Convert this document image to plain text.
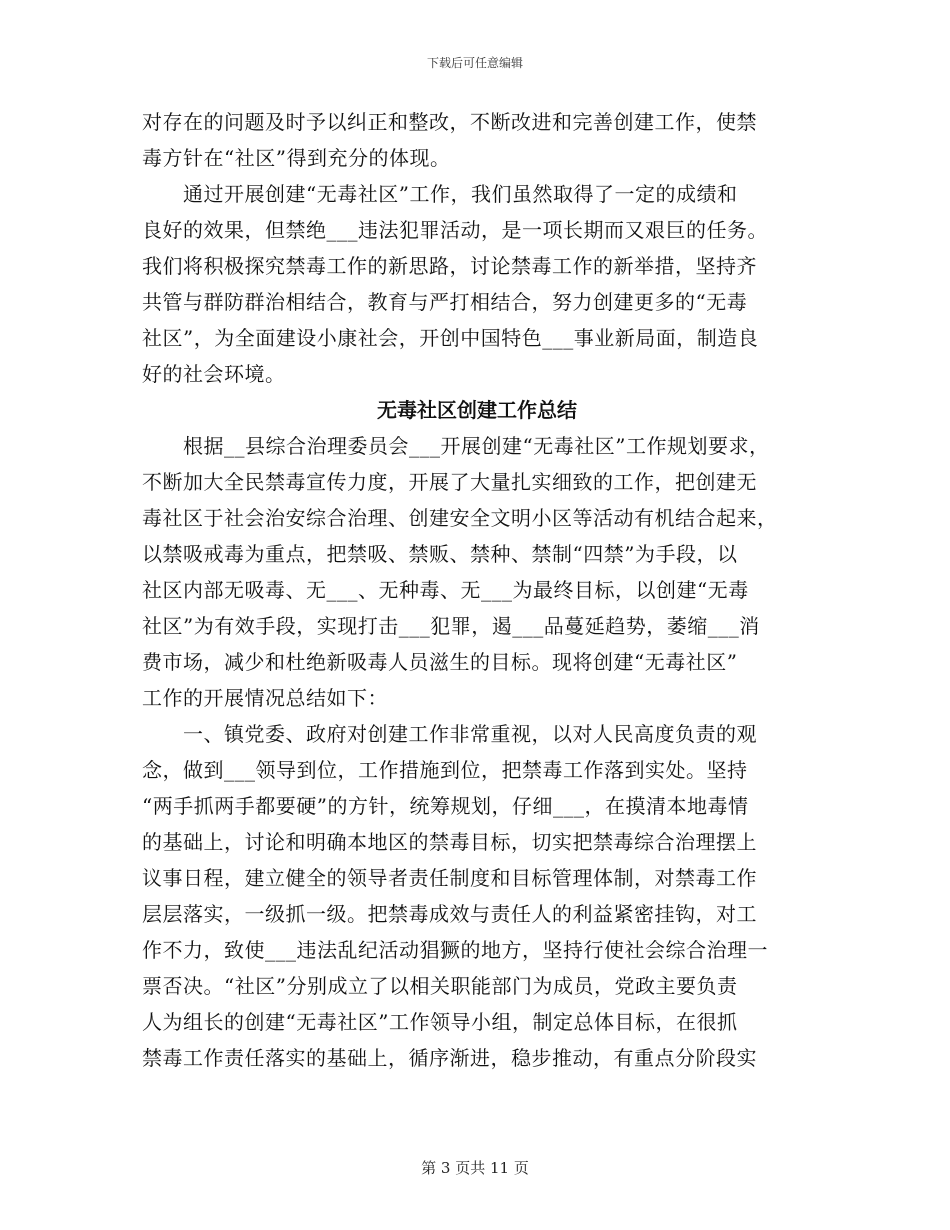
下载后可任意编辑
对存在的问题及时予以纠正和整改，不断改进和完善创建工作，使禁
毒方针在“社区”得到充分的体现。
　　通过开展创建“无毒社区”工作，我们虽然取得了一定的成绩和
良好的效果，但禁绝___违法犯罪活动，是一项长期而又艰巨的任务。
我们将积极探究禁毒工作的新思路，讨论禁毒工作的新举措，坚持齐
共管与群防群治相结合，教育与严打相结合，努力创建更多的“无毒
社区”，为全面建设小康社会，开创中国特色___事业新局面，制造良
好的社会环境。
无毒社区创建工作总结
　　根据__县综合治理委员会___开展创建“无毒社区”工作规划要求，
不断加大全民禁毒宣传力度，开展了大量扎实细致的工作，把创建无
毒社区于社会治安综合治理、创建安全文明小区等活动有机结合起来，
以禁吸戒毒为重点，把禁吸、禁贩、禁种、禁制“四禁”为手段，以
社区内部无吸毒、无___、无种毒、无___为最终目标，以创建“无毒
社区”为有效手段，实现打击___犯罪，遏___品蔓延趋势，萎缩___消
费市场，减少和杜绝新吸毒人员滋生的目标。现将创建“无毒社区”
工作的开展情况总结如下：
　　一、镇党委、政府对创建工作非常重视，以对人民高度负责的观
念，做到___领导到位，工作措施到位，把禁毒工作落到实处。坚持
“两手抓两手都要硬”的方针，统筹规划，仔细___，在摸清本地毒情
的基础上，讨论和明确本地区的禁毒目标，切实把禁毒综合治理摆上
议事日程，建立健全的领导者责任制度和目标管理体制，对禁毒工作
层层落实，一级抓一级。把禁毒成效与责任人的利益紧密挂钩，对工
作不力，致使___违法乱纪活动猖獗的地方，坚持行使社会综合治理一
票否决。“社区”分别成立了以相关职能部门为成员，党政主要负责
人为组长的创建“无毒社区”工作领导小组，制定总体目标，在很抓
禁毒工作责任落实的基础上，循序渐进，稳步推动，有重点分阶段实
第 3 页共 11 页
